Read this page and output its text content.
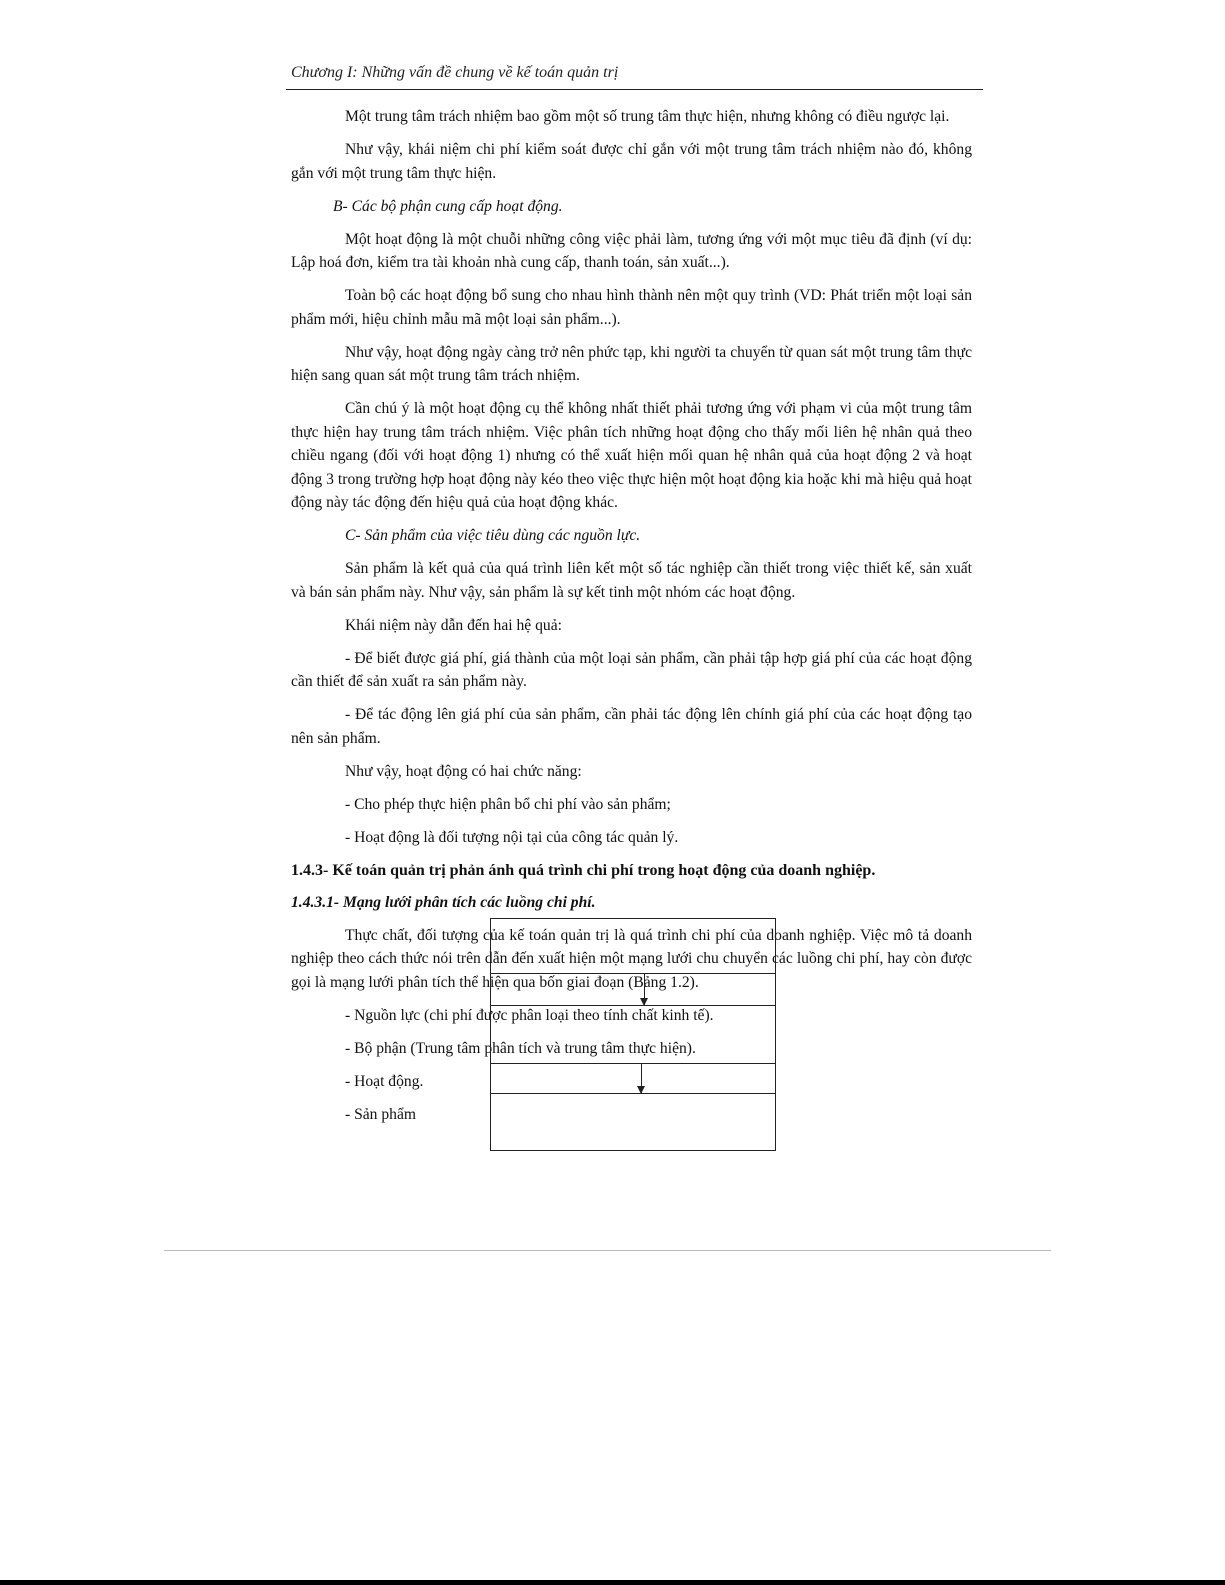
Chương I: Những vấn đề chung về kế toán quản trị

Một trung tâm trách nhiệm bao gồm một số trung tâm thực hiện, nhưng không có điều ngược lại.

Như vậy, khái niệm chi phí kiểm soát được chỉ gắn với một trung tâm trách nhiệm nào đó, không gắn với một trung tâm thực hiện.

B- Các bộ phận cung cấp hoạt động.

Một hoạt động là một chuỗi những công việc phải làm, tương ứng với một mục tiêu đã định (ví dụ: Lập hoá đơn, kiểm tra tài khoản nhà cung cấp, thanh toán, sản xuất...).

Toàn bộ các hoạt động bổ sung cho nhau hình thành nên một quy trình (VD: Phát triển một loại sản phẩm mới, hiệu chỉnh mẫu mã một loại sản phẩm...).

Như vậy, hoạt động ngày càng trở nên phức tạp, khi người ta chuyển từ quan sát một trung tâm thực hiện sang quan sát một trung tâm trách nhiệm.

Cần chú ý là một hoạt động cụ thể không nhất thiết phải tương ứng với phạm vi của một trung tâm thực hiện hay trung tâm trách nhiệm. Việc phân tích những hoạt động cho thấy mối liên hệ nhân quả theo chiều ngang (đối với hoạt động 1) nhưng có thể xuất hiện mối quan hệ nhân quả của hoạt động 2 và hoạt động 3 trong trường hợp hoạt động này kéo theo việc thực hiện một hoạt động kia hoặc khi mà hiệu quả hoạt động này tác động đến hiệu quả của hoạt động khác.

C- Sản phẩm của việc tiêu dùng các nguồn lực.

Sản phẩm là kết quả của quá trình liên kết một số tác nghiệp cần thiết trong việc thiết kế, sản xuất và bán sản phẩm này. Như vậy, sản phẩm là sự kết tinh một nhóm các hoạt động.

Khái niệm này dẫn đến hai hệ quả:

- Để biết được giá phí, giá thành của một loại sản phẩm, cần phải tập hợp giá phí của các hoạt động cần thiết để sản xuất ra sản phẩm này.

- Để tác động lên giá phí của sản phẩm, cần phải tác động lên chính giá phí của các hoạt động tạo nên sản phẩm.

Như vậy, hoạt động có hai chức năng:

- Cho phép thực hiện phân bổ chi phí vào sản phẩm;

- Hoạt động là đối tượng nội tại của công tác quản lý.

1.4.3- Kế toán quản trị phản ánh quá trình chi phí trong hoạt động của doanh nghiệp.

1.4.3.1- Mạng lưới phân tích các luồng chi phí.

Thực chất, đối tượng của kế toán quản trị là quá trình chi phí của doanh nghiệp. Việc mô tả doanh nghiệp theo cách thức nói trên dẫn đến xuất hiện một mạng lưới chu chuyển các luồng chi phí, hay còn được gọi là mạng lưới phân tích thể hiện qua bốn giai đoạn (Bảng 1.2).

- Nguồn lực (chi phí được phân loại theo tính chất kinh tế).

- Bộ phận (Trung tâm phân tích và trung tâm thực hiện).

- Hoạt động.

- Sản phẩm
